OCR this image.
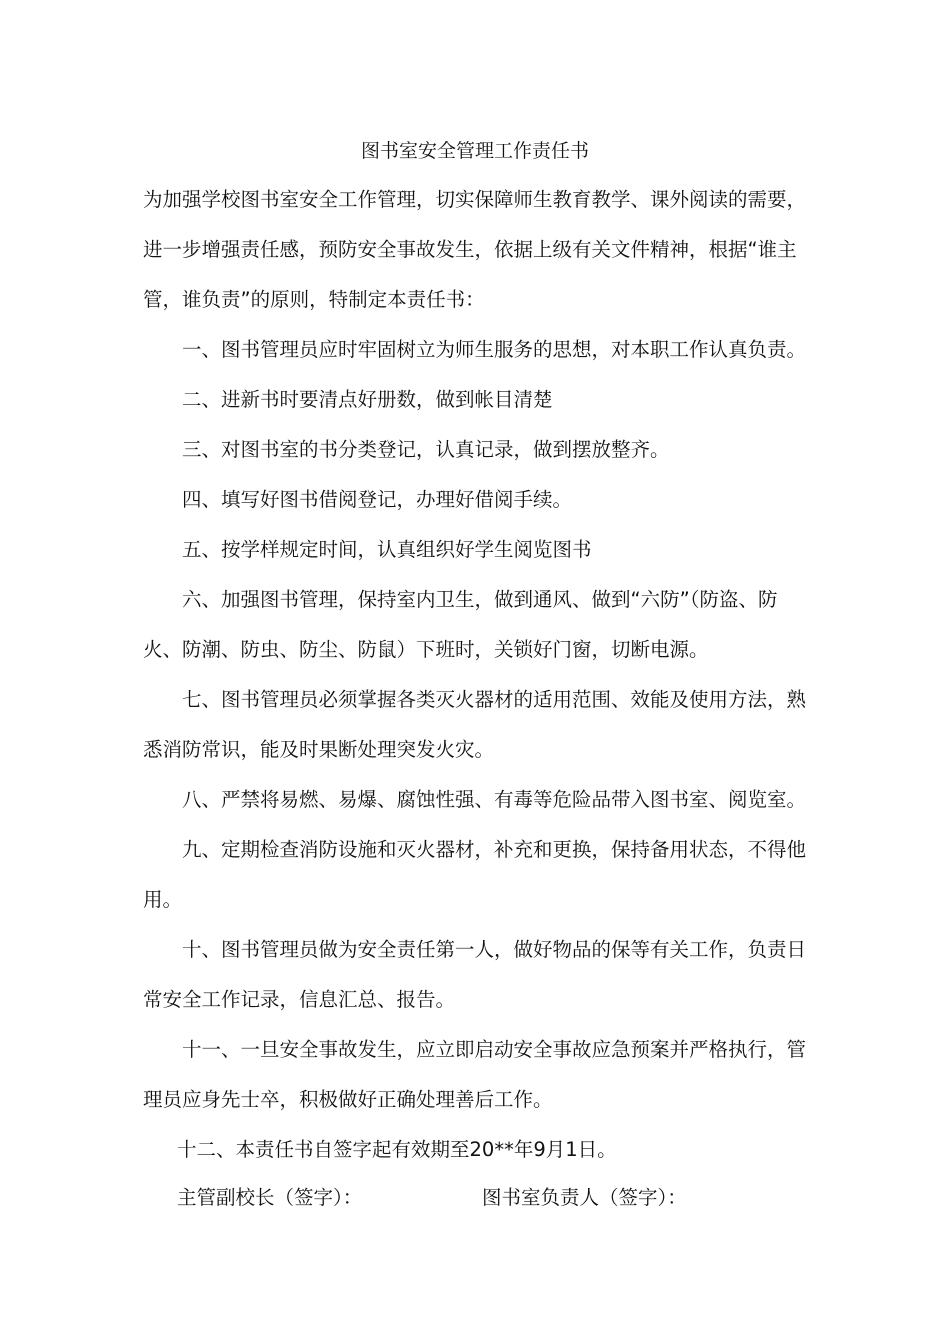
图书室安全管理工作责任书
为加强学校图书室安全工作管理，切实保障师生教育教学、课外阅读的需要，
进一步增强责任感，预防安全事故发生，依据上级有关文件精神，根据“谁主
管，谁负责”的原则，特制定本责任书：
一、图书管理员应时牢固树立为师生服务的思想，对本职工作认真负责。
二、进新书时要清点好册数，做到帐目清楚
三、对图书室的书分类登记，认真记录，做到摆放整齐。
四、填写好图书借阅登记，办理好借阅手续。
五、按学样规定时间，认真组织好学生阅览图书
六、加强图书管理，保持室内卫生，做到通风、做到“六防”（防盗、防
火、防潮、防虫、防尘、防鼠）下班时，关锁好门窗，切断电源。
七、图书管理员必须掌握各类灭火器材的适用范围、效能及使用方法，熟
悉消防常识，能及时果断处理突发火灾。
八、严禁将易燃、易爆、腐蚀性强、有毒等危险品带入图书室、阅览室。
九、定期检查消防设施和灭火器材，补充和更换，保持备用状态，不得他
用。
十、图书管理员做为安全责任第一人，做好物品的保等有关工作，负责日
常安全工作记录，信息汇总、报告。
十一、一旦安全事故发生，应立即启动安全事故应急预案并严格执行，管
理员应身先士卒，积极做好正确处理善后工作。
十二、本责任书自签字起有效期至20**年9月1日。
主管副校长（签字）：	图书室负责人（签字）：
